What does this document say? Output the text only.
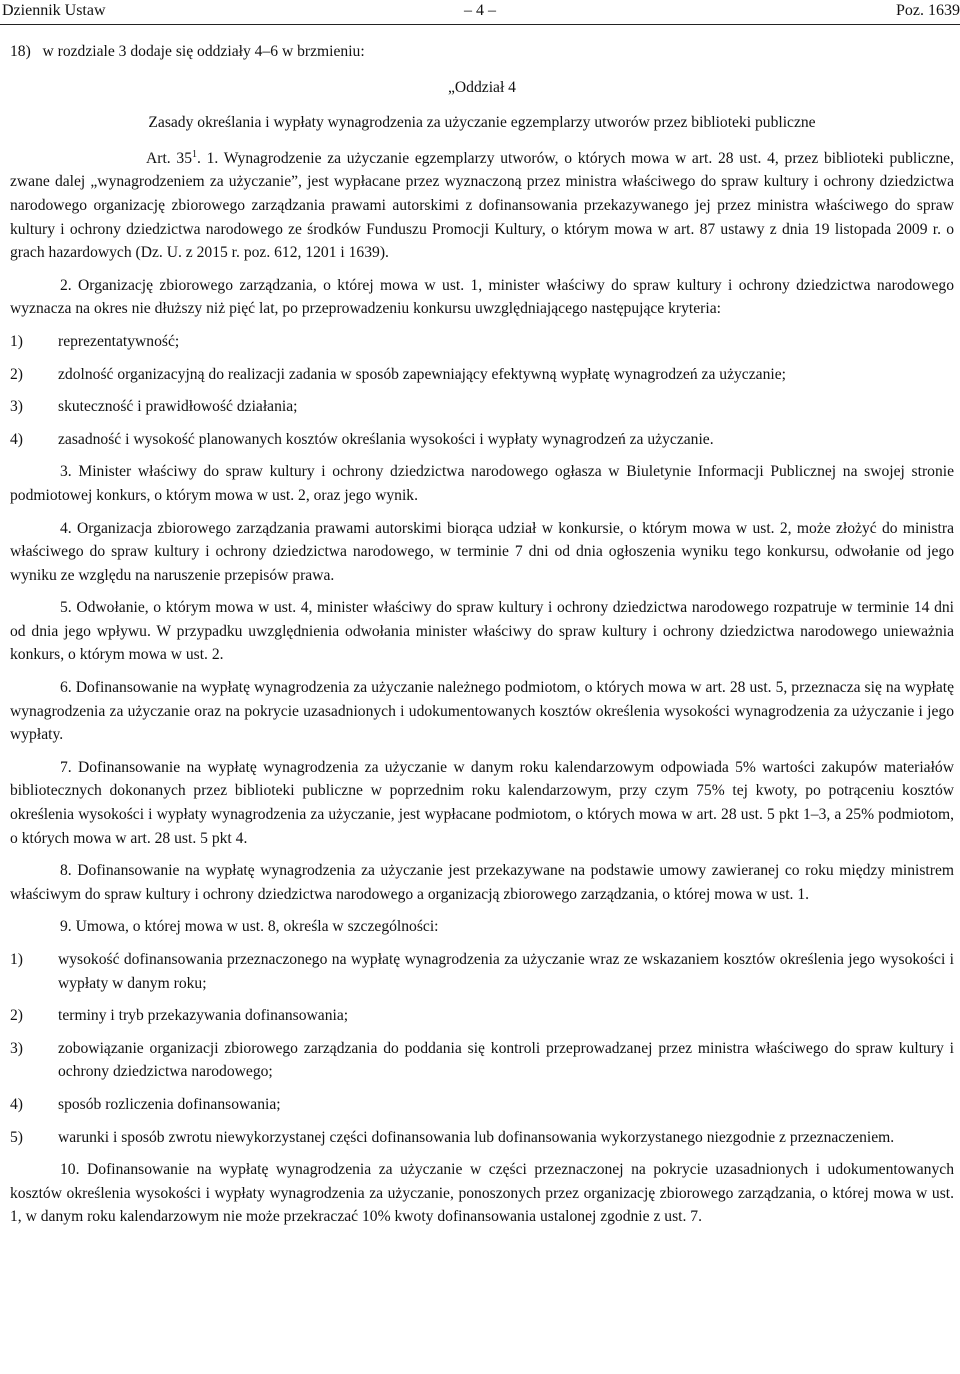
Dziennik Ustaw	– 4 –	Poz. 1639

18)   w rozdziale 3 dodaje się oddziały 4–6 w brzmieniu:

„Oddział 4

Zasady określania i wypłaty wynagrodzenia za użyczanie egzemplarzy utworów przez biblioteki publiczne

Art. $35^1$. 1. Wynagrodzenie za użyczanie egzemplarzy utworów, o których mowa w art. 28 ust. 4, przez biblioteki publiczne, zwane dalej „wynagrodzeniem za użyczanie”, jest wypłacane przez wyznaczoną przez ministra właściwego do spraw kultury i ochrony dziedzictwa narodowego organizację zbiorowego zarządzania prawami autorskimi z dofinansowania przekazywanego jej przez ministra właściwego do spraw kultury i ochrony dziedzictwa narodowego ze środków Funduszu Promocji Kultury, o którym mowa w art. 87 ustawy z dnia 19 listopada 2009 r. o grach hazardowych (Dz. U. z 2015 r. poz. 612, 1201 i 1639).

2. Organizację zbiorowego zarządzania, o której mowa w ust. 1, minister właściwy do spraw kultury i ochrony dziedzictwa narodowego wyznacza na okres nie dłuższy niż pięć lat, po przeprowadzeniu konkursu uwzględniającego następujące kryteria:

1)	reprezentatywność;
2)	zdolność organizacyjną do realizacji zadania w sposób zapewniający efektywną wypłatę wynagrodzeń za użyczanie;
3)	skuteczność i prawidłowość działania;
4)	zasadność i wysokość planowanych kosztów określania wysokości i wypłaty wynagrodzeń za użyczanie.

3. Minister właściwy do spraw kultury i ochrony dziedzictwa narodowego ogłasza w Biuletynie Informacji Publicznej na swojej stronie podmiotowej konkurs, o którym mowa w ust. 2, oraz jego wynik.

4. Organizacja zbiorowego zarządzania prawami autorskimi biorąca udział w konkursie, o którym mowa w ust. 2, może złożyć do ministra właściwego do spraw kultury i ochrony dziedzictwa narodowego, w terminie 7 dni od dnia ogłoszenia wyniku tego konkursu, odwołanie od jego wyniku ze względu na naruszenie przepisów prawa.

5. Odwołanie, o którym mowa w ust. 4, minister właściwy do spraw kultury i ochrony dziedzictwa narodowego rozpatruje w terminie 14 dni od dnia jego wpływu. W przypadku uwzględnienia odwołania minister właściwy do spraw kultury i ochrony dziedzictwa narodowego unieważnia konkurs, o którym mowa w ust. 2.

6. Dofinansowanie na wypłatę wynagrodzenia za użyczanie należnego podmiotom, o których mowa w art. 28 ust. 5, przeznacza się na wypłatę wynagrodzenia za użyczanie oraz na pokrycie uzasadnionych i udokumentowanych kosztów określenia wysokości wynagrodzenia za użyczanie i jego wypłaty.

7. Dofinansowanie na wypłatę wynagrodzenia za użyczanie w danym roku kalendarzowym odpowiada 5% wartości zakupów materiałów bibliotecznych dokonanych przez biblioteki publiczne w poprzednim roku kalendarzowym, przy czym 75% tej kwoty, po potrąceniu kosztów określenia wysokości i wypłaty wynagrodzenia za użyczanie, jest wypłacane podmiotom, o których mowa w art. 28 ust. 5 pkt 1–3, a 25% podmiotom, o których mowa w art. 28 ust. 5 pkt 4.

8. Dofinansowanie na wypłatę wynagrodzenia za użyczanie jest przekazywane na podstawie umowy zawieranej co roku między ministrem właściwym do spraw kultury i ochrony dziedzictwa narodowego a organizacją zbiorowego zarządzania, o której mowa w ust. 1.

9. Umowa, o której mowa w ust. 8, określa w szczególności:

1)	wysokość dofinansowania przeznaczonego na wypłatę wynagrodzenia za użyczanie wraz ze wskazaniem kosztów określenia jego wysokości i wypłaty w danym roku;
2)	terminy i tryb przekazywania dofinansowania;
3)	zobowiązanie organizacji zbiorowego zarządzania do poddania się kontroli przeprowadzanej przez ministra właściwego do spraw kultury i ochrony dziedzictwa narodowego;
4)	sposób rozliczenia dofinansowania;
5)	warunki i sposób zwrotu niewykorzystanej części dofinansowania lub dofinansowania wykorzystanego niezgodnie z przeznaczeniem.

10. Dofinansowanie na wypłatę wynagrodzenia za użyczanie w części przeznaczonej na pokrycie uzasadnionych i udokumentowanych kosztów określenia wysokości i wypłaty wynagrodzenia za użyczanie, ponoszonych przez organizację zbiorowego zarządzania, o której mowa w ust. 1, w danym roku kalendarzowym nie może przekraczać 10% kwoty dofinansowania ustalonej zgodnie z ust. 7.
